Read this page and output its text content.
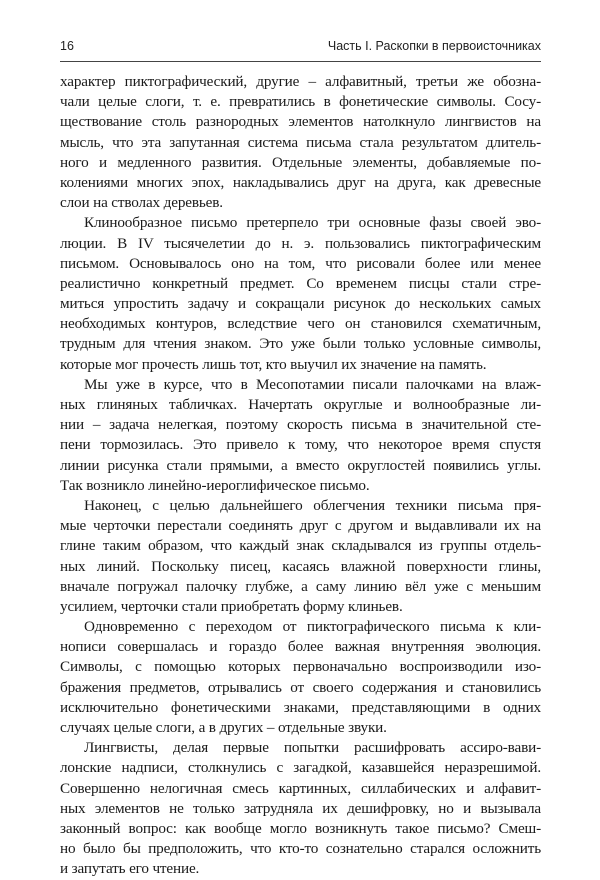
16	Часть I. Раскопки в первоисточниках

характер пиктографический, другие – алфавитный, третьи же обозна-
чали целые слоги, т. е. превратились в фонетические символы. Сосу-
ществование столь разнородных элементов натолкнуло лингвистов на
мысль, что эта запутанная система письма стала результатом длитель-
ного и медленного развития. Отдельные элементы, добавляемые по-
колениями многих эпох, накладывались друг на друга, как древесные
слои на стволах деревьев.

Клинообразное письмо претерпело три основные фазы своей эво-
люции. В IV тысячелетии до н. э. пользовались пиктографическим
письмом. Основывалось оно на том, что рисовали более или менее
реалистично конкретный предмет. Со временем писцы стали стре-
миться упростить задачу и сокращали рисунок до нескольких самых
необходимых контуров, вследствие чего он становился схематичным,
трудным для чтения знаком. Это уже были только условные символы,
которые мог прочесть лишь тот, кто выучил их значение на память.

Мы уже в курсе, что в Месопотамии писали палочками на влаж-
ных глиняных табличках. Начертать округлые и волнообразные ли-
нии – задача нелегкая, поэтому скорость письма в значительной сте-
пени тормозилась. Это привело к тому, что некоторое время спустя
линии рисунка стали прямыми, а вместо округлостей появились углы.
Так возникло линейно-иероглифическое письмо.

Наконец, с целью дальнейшего облегчения техники письма пря-
мые черточки перестали соединять друг с другом и выдавливали их на
глине таким образом, что каждый знак складывался из группы отдель-
ных линий. Поскольку писец, касаясь влажной поверхности глины,
вначале погружал палочку глубже, а саму линию вёл уже с меньшим
усилием, черточки стали приобретать форму клиньев.

Одновременно с переходом от пиктографического письма к кли-
нописи совершалась и гораздо более важная внутренняя эволюция.
Символы, с помощью которых первоначально воспроизводили изо-
бражения предметов, отрывались от своего содержания и становились
исключительно фонетическими знаками, представляющими в одних
случаях целые слоги, а в других – отдельные звуки.

Лингвисты, делая первые попытки расшифровать ассиро-вави-
лонские надписи, столкнулись с загадкой, казавшейся неразрешимой.
Совершенно нелогичная смесь картинных, силлабических и алфавит-
ных элементов не только затрудняла их дешифровку, но и вызывала
законный вопрос: как вообще могло возникнуть такое письмо? Смеш-
но было бы предположить, что кто-то сознательно старался осложнить
и запутать его чтение.
